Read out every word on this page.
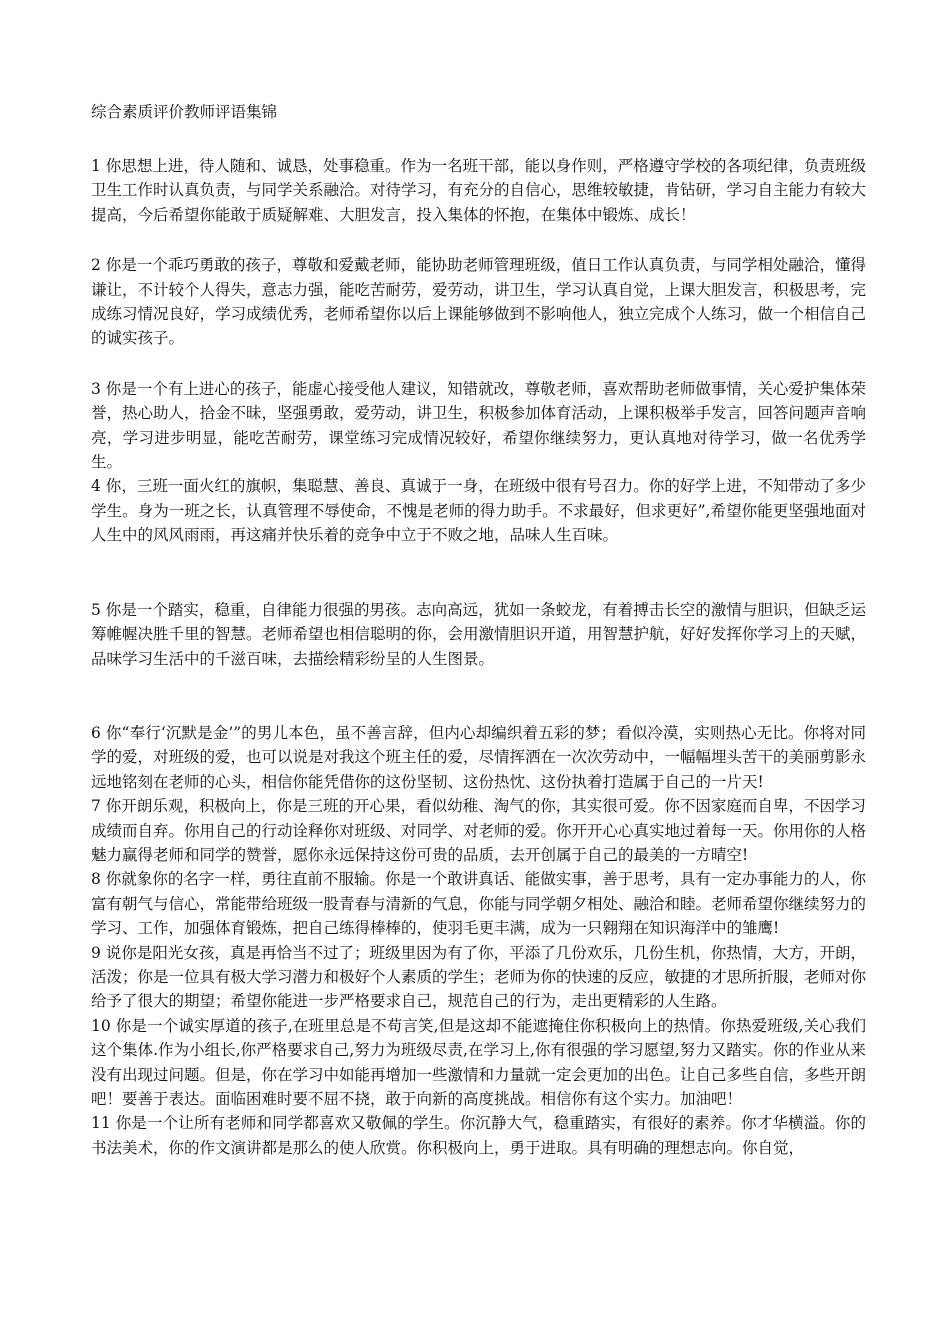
综合素质评价教师评语集锦

1 你思想上进，待人随和、诚恳，处事稳重。作为一名班干部，能以身作则，严格遵守学校的各项纪律，负责班级卫生工作时认真负责，与同学关系融洽。对待学习，有充分的自信心，思维较敏捷，肯钻研，学习自主能力有较大提高，今后希望你能敢于质疑解难、大胆发言，投入集体的怀抱，在集体中锻炼、成长！

2 你是一个乖巧勇敢的孩子，尊敬和爱戴老师，能协助老师管理班级，值日工作认真负责，与同学相处融洽，懂得谦让，不计较个人得失，意志力强，能吃苦耐劳，爱劳动，讲卫生，学习认真自觉，上课大胆发言，积极思考，完成练习情况良好，学习成绩优秀，老师希望你以后上课能够做到不影响他人，独立完成个人练习，做一个相信自己的诚实孩子。

3 你是一个有上进心的孩子，能虚心接受他人建议，知错就改，尊敬老师，喜欢帮助老师做事情，关心爱护集体荣誉，热心助人，拾金不昧，坚强勇敢，爱劳动，讲卫生，积极参加体育活动，上课积极举手发言，回答问题声音响亮，学习进步明显，能吃苦耐劳，课堂练习完成情况较好，希望你继续努力，更认真地对待学习，做一名优秀学生。

4 你，三班一面火红的旗帜，集聪慧、善良、真诚于一身，在班级中很有号召力。你的好学上进，不知带动了多少学生。身为一班之长，认真管理不辱使命，不愧是老师的得力助手。不求最好，但求更好”,希望你能更坚强地面对人生中的风风雨雨，再这痛并快乐着的竞争中立于不败之地，品味人生百味。

5 你是一个踏实，稳重，自律能力很强的男孩。志向高远，犹如一条蛟龙，有着搏击长空的激情与胆识，但缺乏运筹帷幄决胜千里的智慧。老师希望也相信聪明的你，会用激情胆识开道，用智慧护航，好好发挥你学习上的天赋，品味学习生活中的千滋百味，去描绘精彩纷呈的人生图景。

6 你“奉行‘沉默是金’”的男儿本色，虽不善言辞，但内心却编织着五彩的梦；看似冷漠，实则热心无比。你将对同学的爱，对班级的爱，也可以说是对我这个班主任的爱，尽情挥洒在一次次劳动中，一幅幅埋头苦干的美丽剪影永远地铭刻在老师的心头，相信你能凭借你的这份坚韧、这份热忱、这份执着打造属于自己的一片天!

7 你开朗乐观，积极向上，你是三班的开心果，看似幼稚、淘气的你，其实很可爱。你不因家庭而自卑，不因学习成绩而自弃。你用自己的行动诠释你对班级、对同学、对老师的爱。你开开心心真实地过着每一天。你用你的人格魅力赢得老师和同学的赞誉，愿你永远保持这份可贵的品质，去开创属于自己的最美的一方晴空!

8 你就象你的名字一样，勇往直前不服输。你是一个敢讲真话、能做实事，善于思考，具有一定办事能力的人，你富有朝气与信心，常能带给班级一股青春与清新的气息，你能与同学朝夕相处、融洽和睦。老师希望你继续努力的学习、工作，加强体育锻炼，把自己练得棒棒的，使羽毛更丰满，成为一只翱翔在知识海洋中的雏鹰!

9 说你是阳光女孩，真是再恰当不过了；班级里因为有了你，平添了几份欢乐，几份生机，你热情，大方，开朗，活泼；你是一位具有极大学习潜力和极好个人素质的学生；老师为你的快速的反应，敏捷的才思所折服，老师对你给予了很大的期望；希望你能进一步严格要求自己，规范自己的行为，走出更精彩的人生路。

10 你是一个诚实厚道的孩子,在班里总是不苟言笑,但是这却不能遮掩住你积极向上的热情。你热爱班级,关心我们这个集体.作为小组长,你严格要求自己,努力为班级尽责,在学习上,你有很强的学习愿望,努力又踏实。你的作业从来没有出现过问题。但是，你在学习中如能再增加一些激情和力量就一定会更加的出色。让自己多些自信，多些开朗吧！要善于表达。面临困难时要不屈不挠，敢于向新的高度挑战。相信你有这个实力。加油吧！

11 你是一个让所有老师和同学都喜欢又敬佩的学生。你沉静大气，稳重踏实，有很好的素养。你才华横溢。你的书法美术，你的作文演讲都是那么的使人欣赏。你积极向上，勇于进取。具有明确的理想志向。你自觉，
